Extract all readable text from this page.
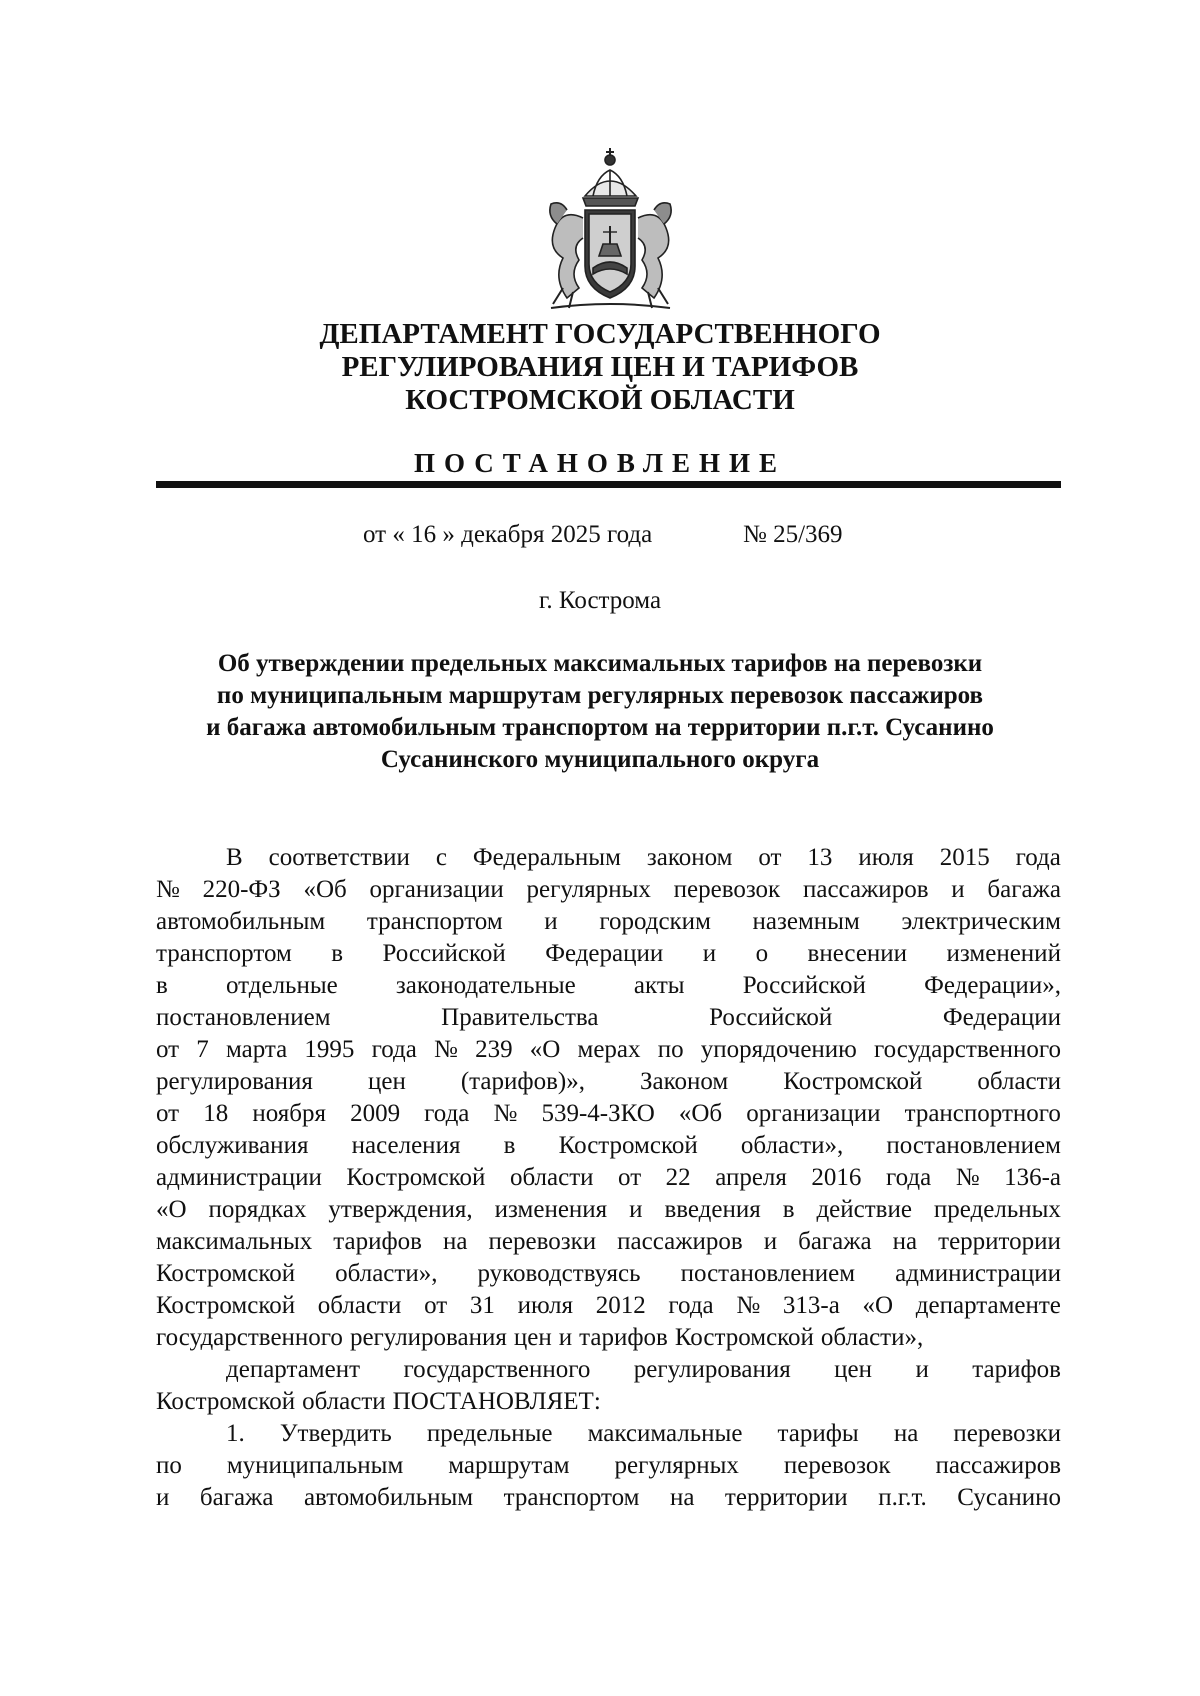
ДЕПАРТАМЕНТ ГОСУДАРСТВЕННОГО
РЕГУЛИРОВАНИЯ ЦЕН И ТАРИФОВ
КОСТРОМСКОЙ ОБЛАСТИ
ПОСТАНОВЛЕНИЕ
от « 16 » декабря 2025 года	№ 25/369
г. Кострома
Об утверждении предельных максимальных тарифов на перевозки
по муниципальным маршрутам регулярных перевозок пассажиров
и багажа автомобильным транспортом на территории п.г.т. Сусанино
Сусанинского муниципального округа
В соответствии с Федеральным законом от 13 июля 2015 года
№ 220-ФЗ «Об организации регулярных перевозок пассажиров и багажа
автомобильным транспортом и городским наземным электрическим
транспортом в Российской Федерации и о внесении изменений
в отдельные законодательные акты Российской Федерации»,
постановлением	Правительства	Российской	Федерации
от 7 марта 1995 года № 239 «О мерах по упорядочению государственного
регулирования цен (тарифов)», Законом Костромской области
от 18 ноября 2009 года № 539-4-ЗКО «Об организации транспортного
обслуживания населения в Костромской области», постановлением
администрации Костромской области от 22 апреля 2016 года № 136-а
«О порядках утверждения, изменения и введения в действие предельных
максимальных тарифов на перевозки пассажиров и багажа на территории
Костромской области», руководствуясь постановлением администрации
Костромской области от 31 июля 2012 года № 313-а «О департаменте
государственного регулирования цен и тарифов Костромской области»,
департамент государственного регулирования цен и тарифов
Костромской области ПОСТАНОВЛЯЕТ:
1. Утвердить предельные максимальные тарифы на перевозки
по муниципальным маршрутам регулярных перевозок пассажиров
и багажа автомобильным транспортом на территории п.г.т. Сусанино
